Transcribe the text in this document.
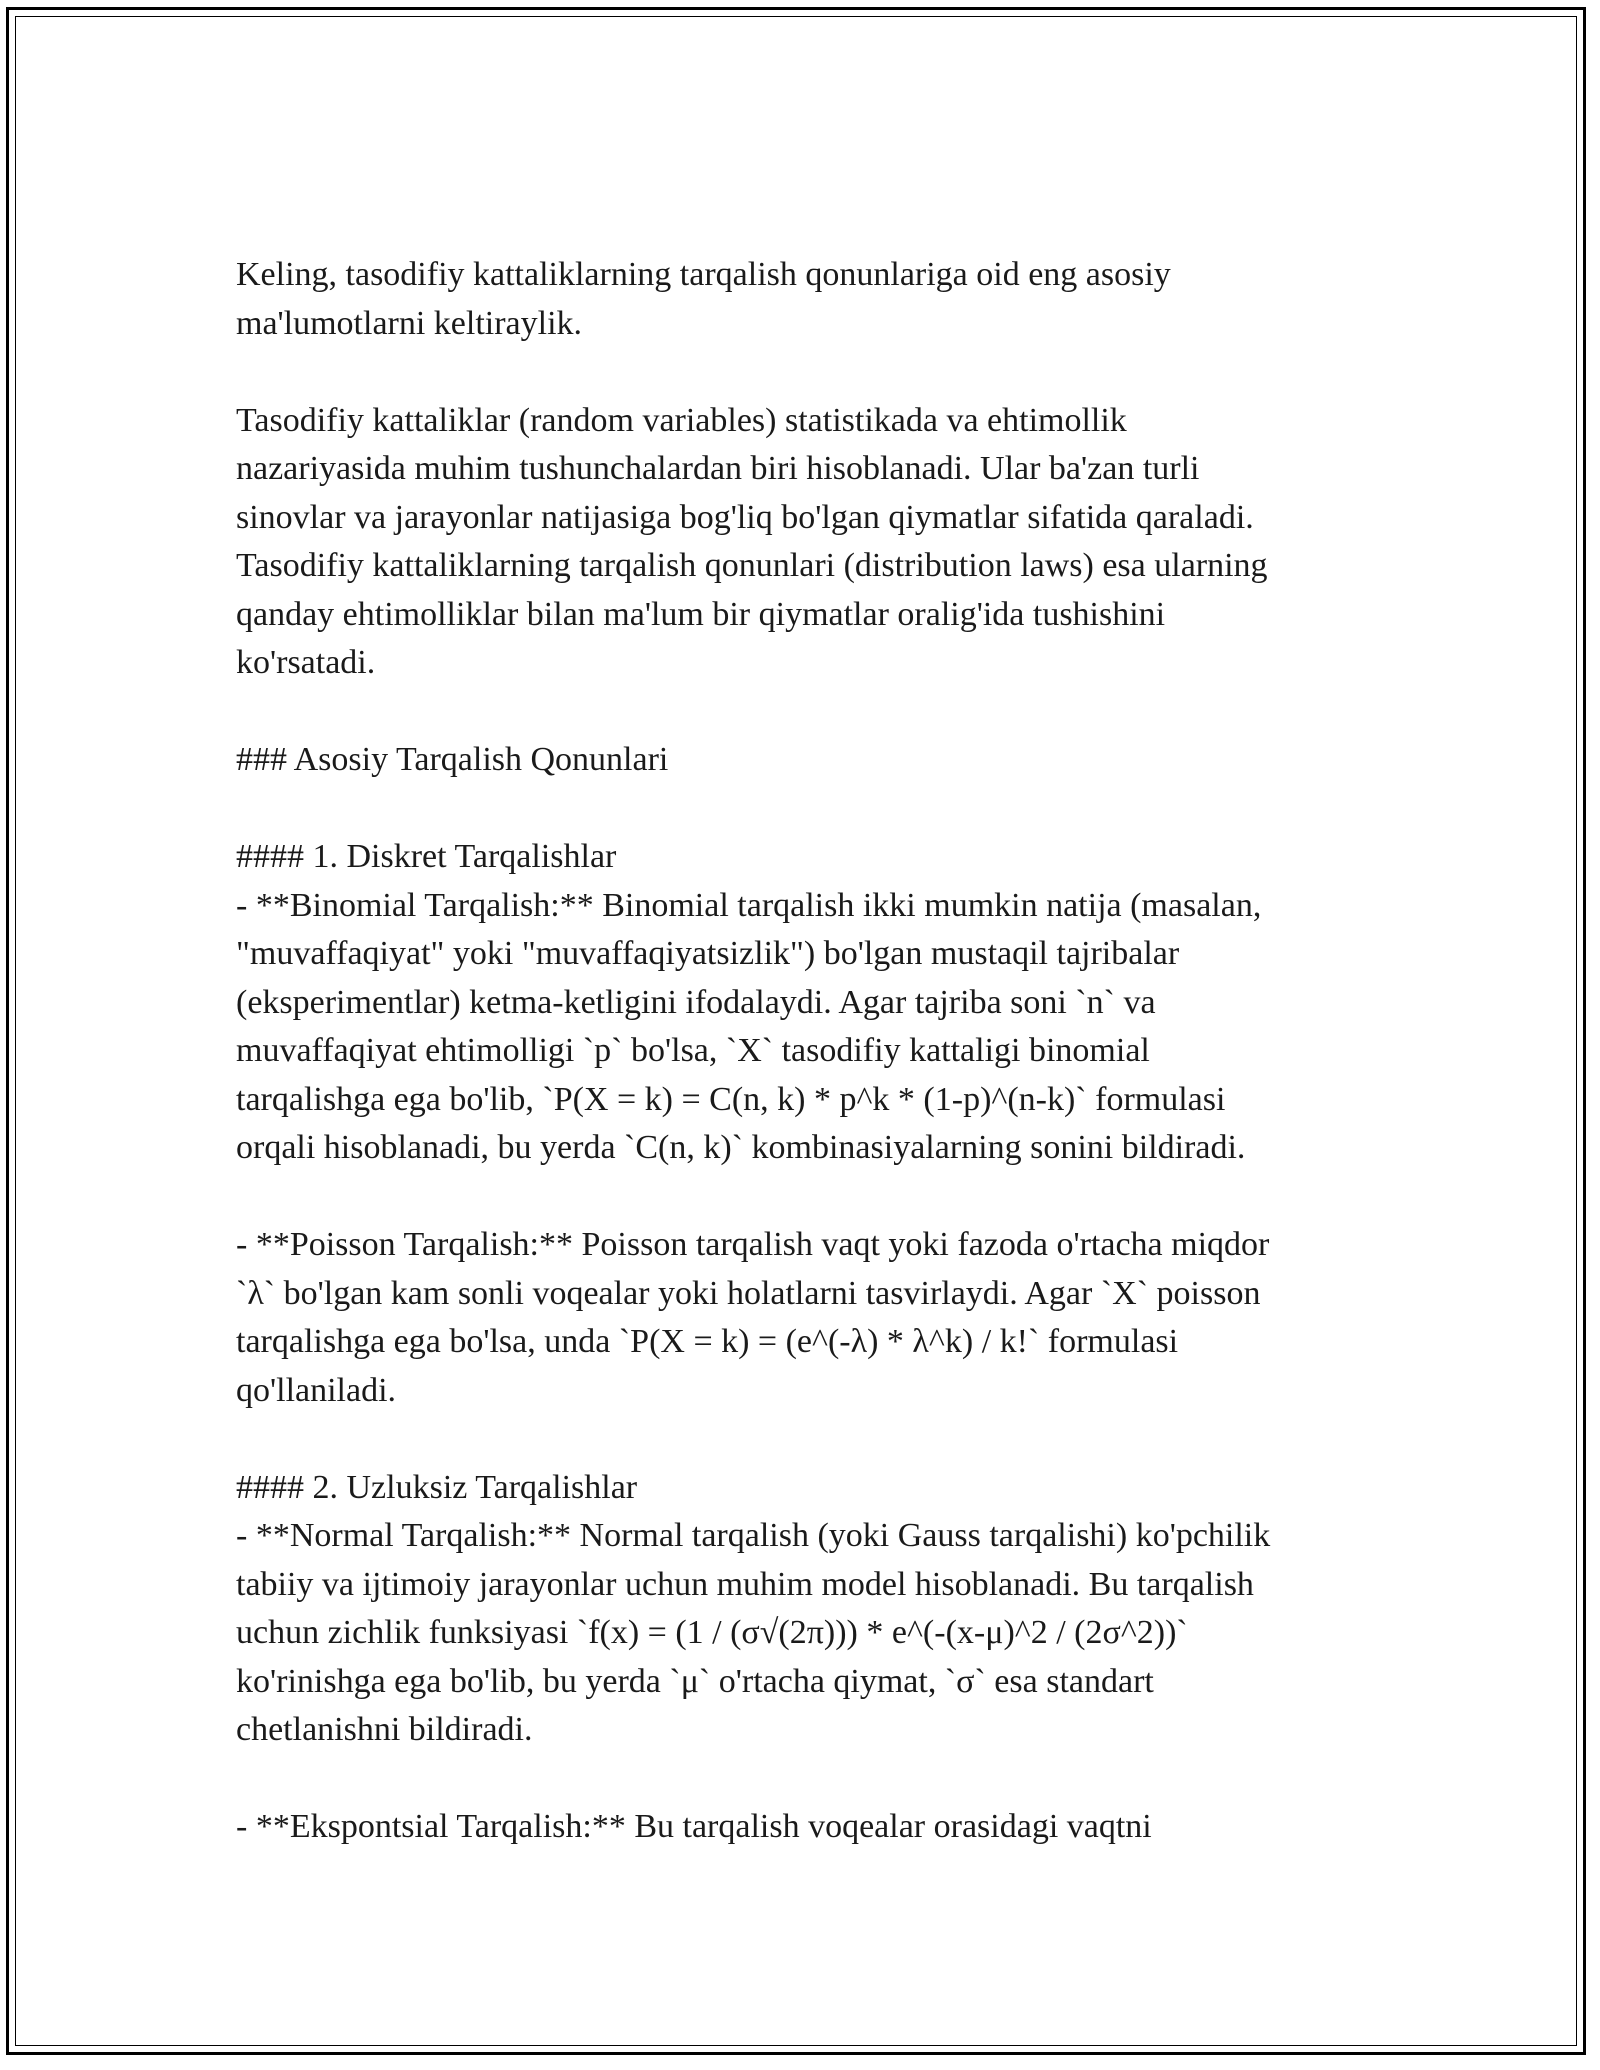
Keling, tasodifiy kattaliklarning tarqalish qonunlariga oid eng asosiy
ma'lumotlarni keltiraylik.

Tasodifiy kattaliklar (random variables) statistikada va ehtimollik
nazariyasida muhim tushunchalardan biri hisoblanadi. Ular ba'zan turli
sinovlar va jarayonlar natijasiga bog'liq bo'lgan qiymatlar sifatida qaraladi.
Tasodifiy kattaliklarning tarqalish qonunlari (distribution laws) esa ularning
qanday ehtimolliklar bilan ma'lum bir qiymatlar oralig'ida tushishini
ko'rsatadi.

### Asosiy Tarqalish Qonunlari

#### 1. Diskret Tarqalishlar

- **Binomial Tarqalish:** Binomial tarqalish ikki mumkin natija (masalan,
"muvaffaqiyat" yoki "muvaffaqiyatsizlik") bo'lgan mustaqil tajribalar
(eksperimentlar) ketma-ketligini ifodalaydi. Agar tajriba soni `n` va
muvaffaqiyat ehtimolligi `p` bo'lsa, `X` tasodifiy kattaligi binomial
tarqalishga ega bo'lib, `P(X = k) = C(n, k) * p^k * (1-p)^(n-k)` formulasi
orqali hisoblanadi, bu yerda `C(n, k)` kombinasiyalarning sonini bildiradi.

- **Poisson Tarqalish:** Poisson tarqalish vaqt yoki fazoda o'rtacha miqdor
`λ` bo'lgan kam sonli voqealar yoki holatlarni tasvirlaydi. Agar `X` poisson
tarqalishga ega bo'lsa, unda `P(X = k) = (e^(-λ) * λ^k) / k!` formulasi
qo'llaniladi.

#### 2. Uzluksiz Tarqalishlar

- **Normal Tarqalish:** Normal tarqalish (yoki Gauss tarqalishi) ko'pchilik
tabiiy va ijtimoiy jarayonlar uchun muhim model hisoblanadi. Bu tarqalish
uchun zichlik funksiyasi `f(x) = (1 / (σ√(2π))) * e^(-(x-μ)^2 / (2σ^2))`
ko'rinishga ega bo'lib, bu yerda `μ` o'rtacha qiymat, `σ` esa standart
chetlanishni bildiradi.

- **Ekspontsial Tarqalish:** Bu tarqalish voqealar orasidagi vaqtni
